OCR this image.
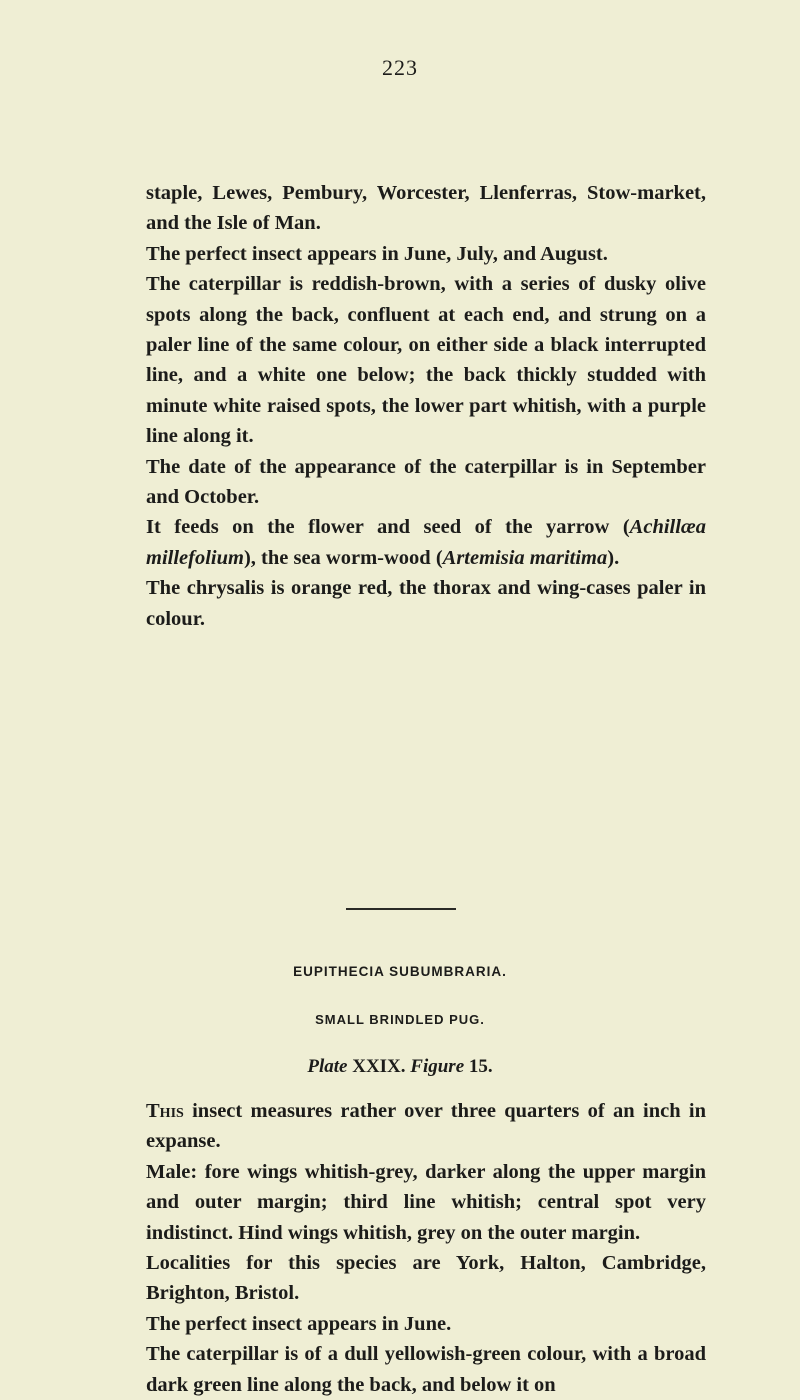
223

staple, Lewes, Pembury, Worcester, Llenferras, Stow-market, and the Isle of Man.

The perfect insect appears in June, July, and August.

The caterpillar is reddish-brown, with a series of dusky olive spots along the back, confluent at each end, and strung on a paler line of the same colour, on either side a black interrupted line, and a white one below; the back thickly studded with minute white raised spots, the lower part whitish, with a purple line along it.

The date of the appearance of the caterpillar is in September and October.

It feeds on the flower and seed of the yarrow (Achillæa millefolium), the sea worm-wood (Artemisia maritima).

The chrysalis is orange red, the thorax and wing-cases paler in colour.

EUPITHECIA SUBUMBRARIA.
SMALL BRINDLED PUG.
Plate XXIX. Figure 15.

This insect measures rather over three quarters of an inch in expanse.

Male: fore wings whitish-grey, darker along the upper margin and outer margin; third line whitish; central spot very indistinct. Hind wings whitish, grey on the outer margin.

Localities for this species are York, Halton, Cambridge, Brighton, Bristol.

The perfect insect appears in June.

The caterpillar is of a dull yellowish-green colour, with a broad dark green line along the back, and below it on
